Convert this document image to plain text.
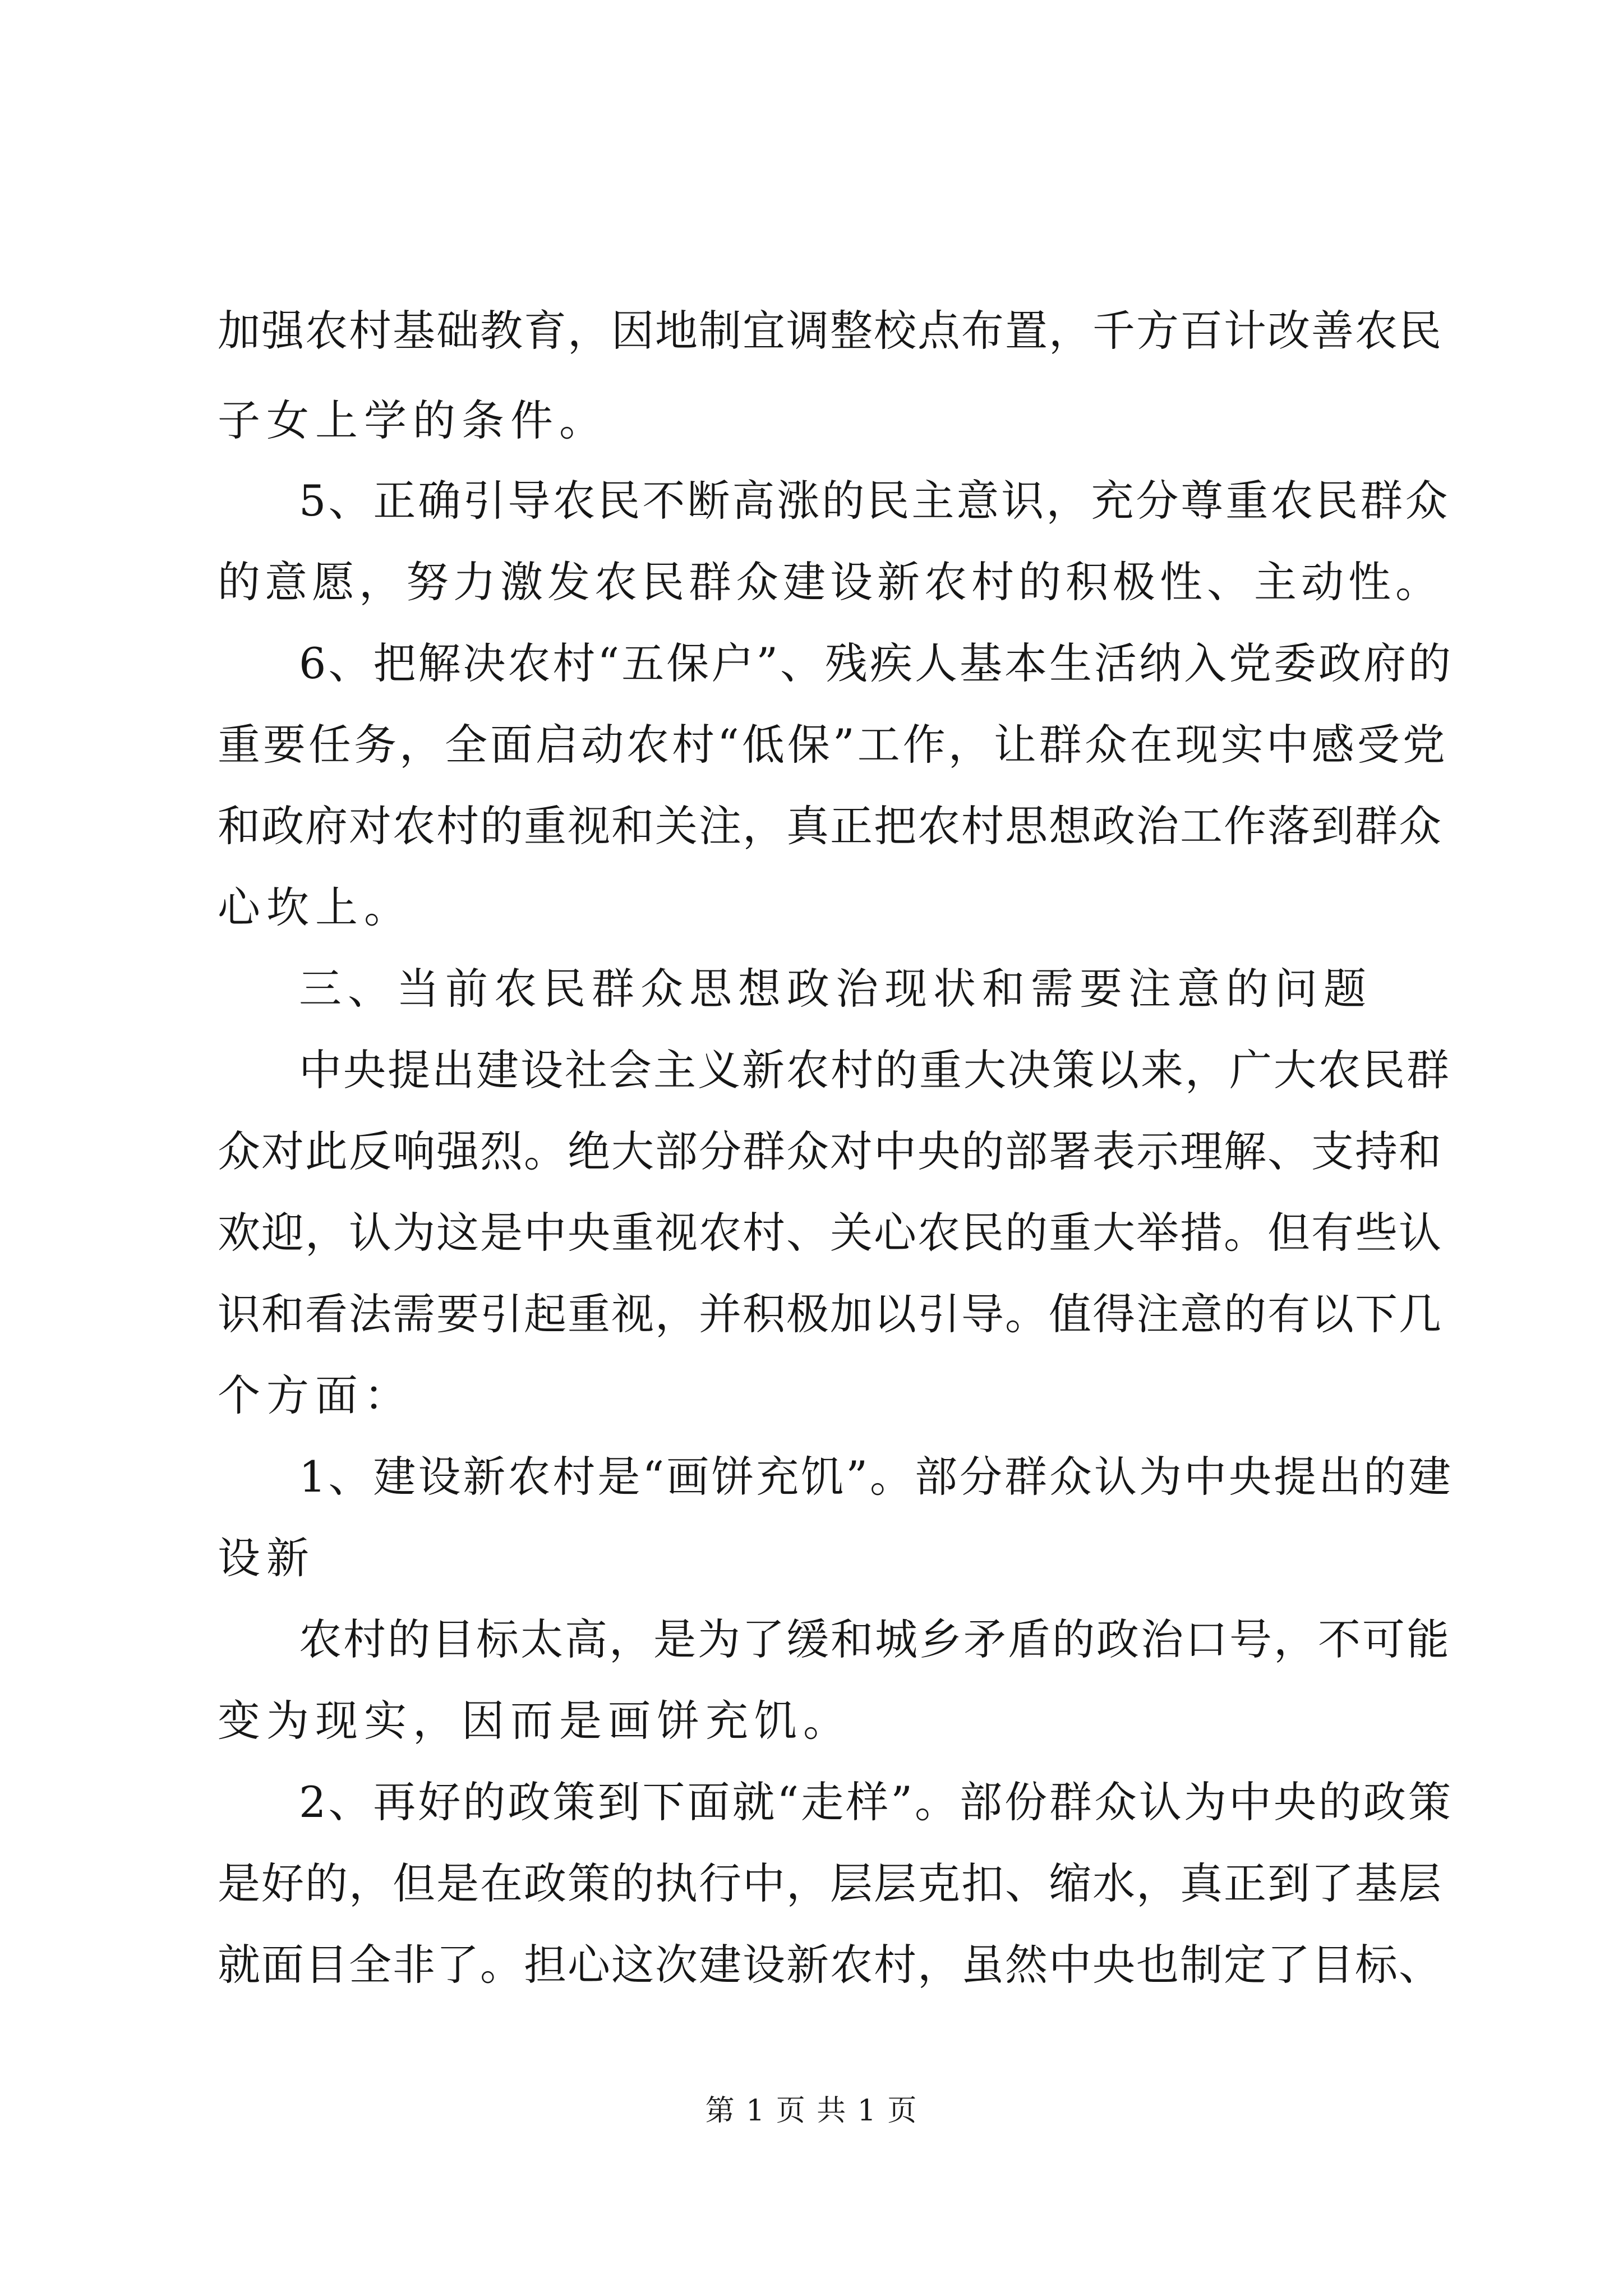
加强农村基础教育，因地制宜调整校点布置，千方百计改善农民

子女上学的条件。

5、正确引导农民不断高涨的民主意识，充分尊重农民群众

的意愿，努力激发农民群众建设新农村的积极性、主动性。

6、把解决农村“五保户”、残疾人基本生活纳入党委政府的

重要任务，全面启动农村“低保”工作，让群众在现实中感受党

和政府对农村的重视和关注，真正把农村思想政治工作落到群众

心坎上。

三、当前农民群众思想政治现状和需要注意的问题

中央提出建设社会主义新农村的重大决策以来，广大农民群

众对此反响强烈。绝大部分群众对中央的部署表示理解、支持和

欢迎，认为这是中央重视农村、关心农民的重大举措。但有些认

识和看法需要引起重视，并积极加以引导。值得注意的有以下几

个方面：

1、建设新农村是“画饼充饥”。部分群众认为中央提出的建

设新

农村的目标太高，是为了缓和城乡矛盾的政治口号，不可能

变为现实，因而是画饼充饥。

2、再好的政策到下面就“走样”。部份群众认为中央的政策

是好的，但是在政策的执行中，层层克扣、缩水，真正到了基层

就面目全非了。担心这次建设新农村，虽然中央也制定了目标、

第 1 页 共 1 页
